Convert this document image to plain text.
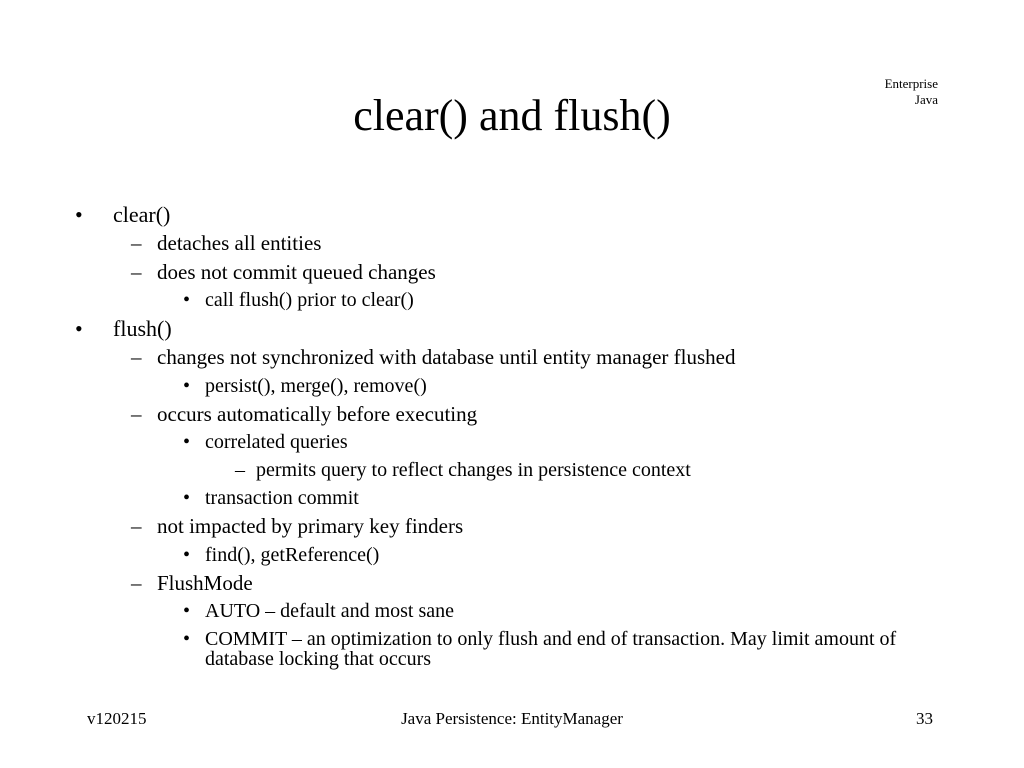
Enterprise
Java
clear() and flush()
• clear()
– detaches all entities
– does not commit queued changes
• call flush() prior to clear()
• flush()
– changes not synchronized with database until entity manager flushed
• persist(), merge(), remove()
– occurs automatically before executing
• correlated queries
– permits query to reflect changes in persistence context
• transaction commit
– not impacted by primary key finders
• find(), getReference()
– FlushMode
• AUTO – default and most sane
• COMMIT – an optimization to only flush and end of transaction. May limit amount of database locking that occurs
v120215	Java Persistence: EntityManager	33
